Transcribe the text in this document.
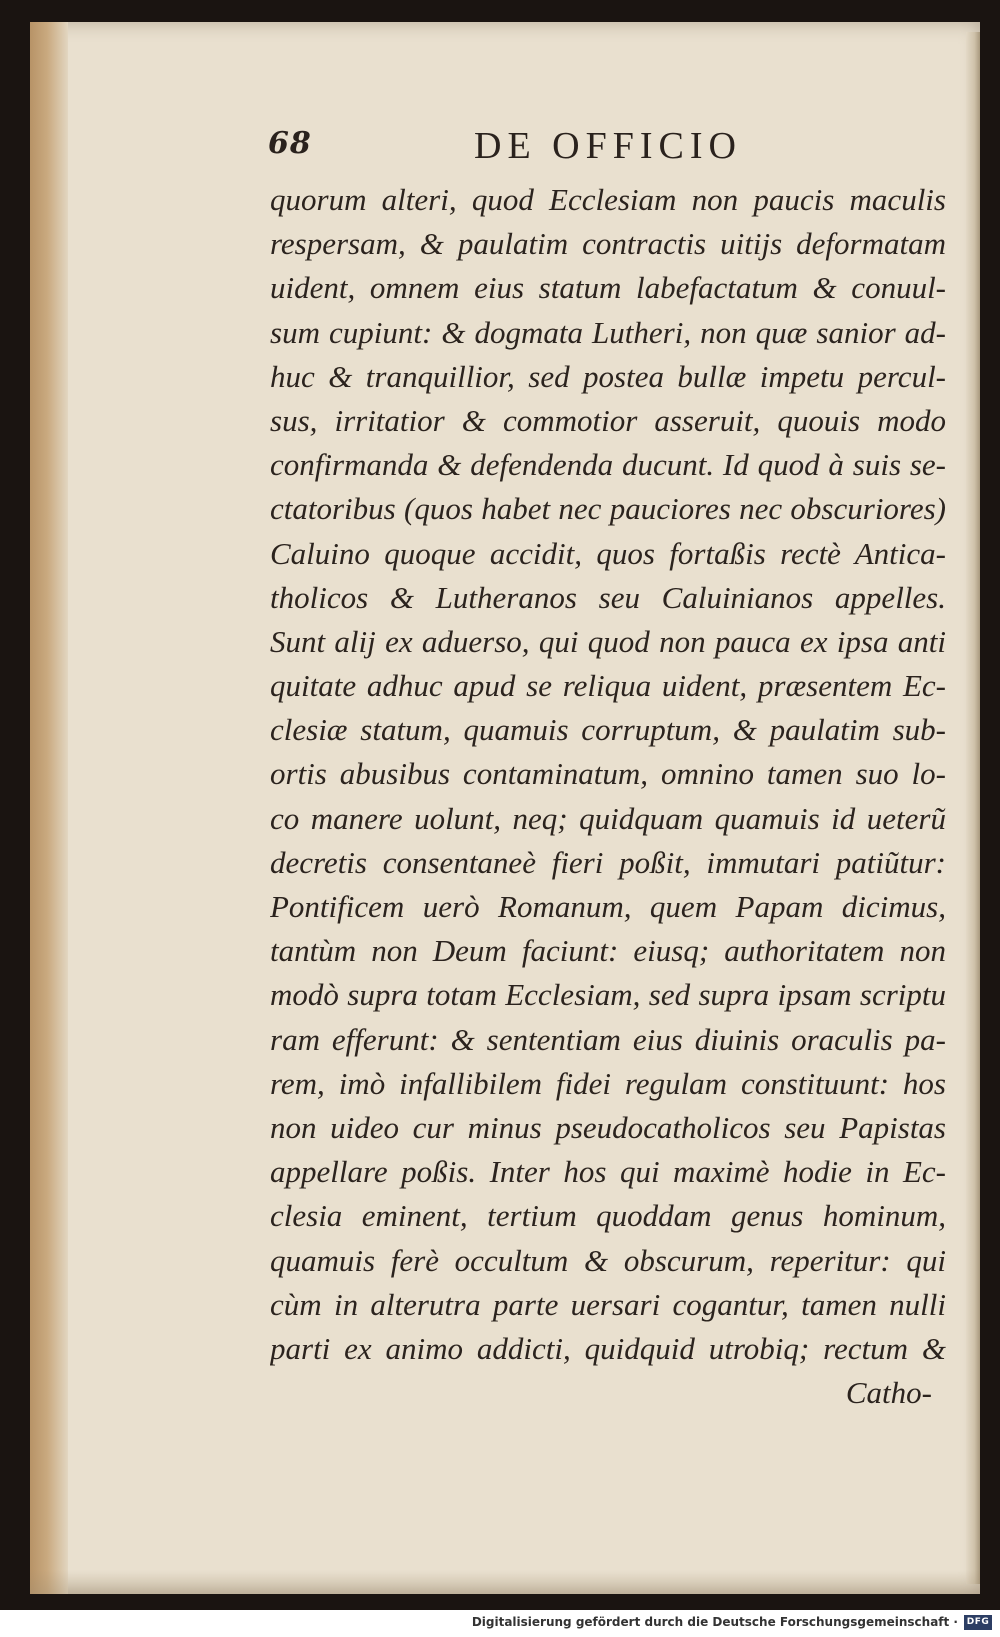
68	DE OFFICIO
quorum alteri, quod Ecclesiam non paucis maculis
respersam, & paulatim contractis uitijs deformatam
uident, omnem eius statum labefactatum & conuul-
sum cupiunt: & dogmata Lutheri, non quæ sanior ad-
huc & tranquillior, sed postea bullæ impetu percul-
sus, irritatior & commotior asseruit, quouis modo
confirmanda & defendenda ducunt. Id quod à suis se-
ctatoribus (quos habet nec pauciores nec obscuriores)
Caluino quoque accidit, quos fortaßis rectè Antica-
tholicos & Lutheranos seu Caluinianos appelles.
Sunt alij ex aduerso, qui quod non pauca ex ipsa anti
quitate adhuc apud se reliqua uident, præsentem Ec-
clesiæ statum, quamuis corruptum, & paulatim sub-
ortis abusibus contaminatum, omnino tamen suo lo-
co manere uolunt, neq; quidquam quamuis id ueterũ
decretis consentaneè fieri poßit, immutari patiũtur:
Pontificem uerò Romanum, quem Papam dicimus,
tantùm non Deum faciunt: eiusq; authoritatem non
modò supra totam Ecclesiam, sed supra ipsam scriptu
ram efferunt: & sententiam eius diuinis oraculis pa-
rem, imò infallibilem fidei regulam constituunt: hos
non uideo cur minus pseudocatholicos seu Papistas
appellare poßis. Inter hos qui maximè hodie in Ec-
clesia eminent, tertium quoddam genus hominum,
quamuis ferè occultum & obscurum, reperitur: qui
cùm in alterutra parte uersari cogantur, tamen nulli
parti ex animo addicti, quidquid utrobiq; rectum &
Catho-
Digitalisierung gefördert durch die Deutsche Forschungsgemeinschaft · DFG
